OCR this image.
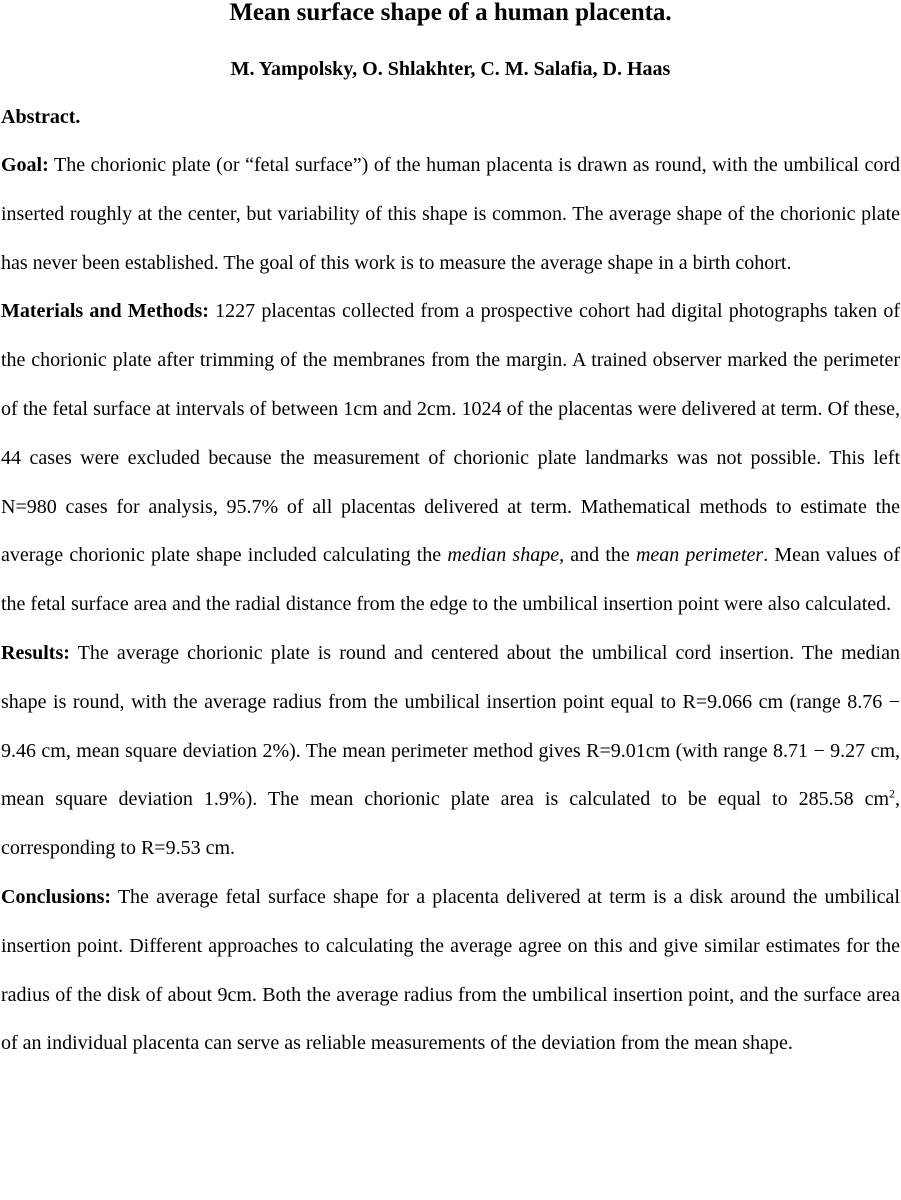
Mean surface shape of a human placenta.

M. Yampolsky, O. Shlakhter, C. M. Salafia, D. Haas

Abstract.

Goal: The chorionic plate (or “fetal surface”) of the human placenta is drawn as round, with the umbilical cord inserted roughly at the center, but variability of this shape is common. The average shape of the chorionic plate has never been established. The goal of this work is to measure the average shape in a birth cohort.

Materials and Methods: 1227 placentas collected from a prospective cohort had digital photographs taken of the chorionic plate after trimming of the membranes from the margin. A trained observer marked the perimeter of the fetal surface at intervals of between 1cm and 2cm. 1024 of the placentas were delivered at term. Of these, 44 cases were excluded because the measurement of chorionic plate landmarks was not possible. This left N=980 cases for analysis, 95.7% of all placentas delivered at term. Mathematical methods to estimate the average chorionic plate shape included calculating the median shape, and the mean perimeter. Mean values of the fetal surface area and the radial distance from the edge to the umbilical insertion point were also calculated.

Results: The average chorionic plate is round and centered about the umbilical cord insertion. The median shape is round, with the average radius from the umbilical insertion point equal to R=9.066 cm (range 8.76 − 9.46 cm, mean square deviation 2%). The mean perimeter method gives R=9.01cm (with range 8.71 − 9.27 cm, mean square deviation 1.9%). The mean chorionic plate area is calculated to be equal to 285.58 $cm^2$, corresponding to R=9.53 cm.

Conclusions: The average fetal surface shape for a placenta delivered at term is a disk around the umbilical insertion point. Different approaches to calculating the average agree on this and give similar estimates for the radius of the disk of about 9cm. Both the average radius from the umbilical insertion point, and the surface area of an individual placenta can serve as reliable measurements of the deviation from the mean shape.
